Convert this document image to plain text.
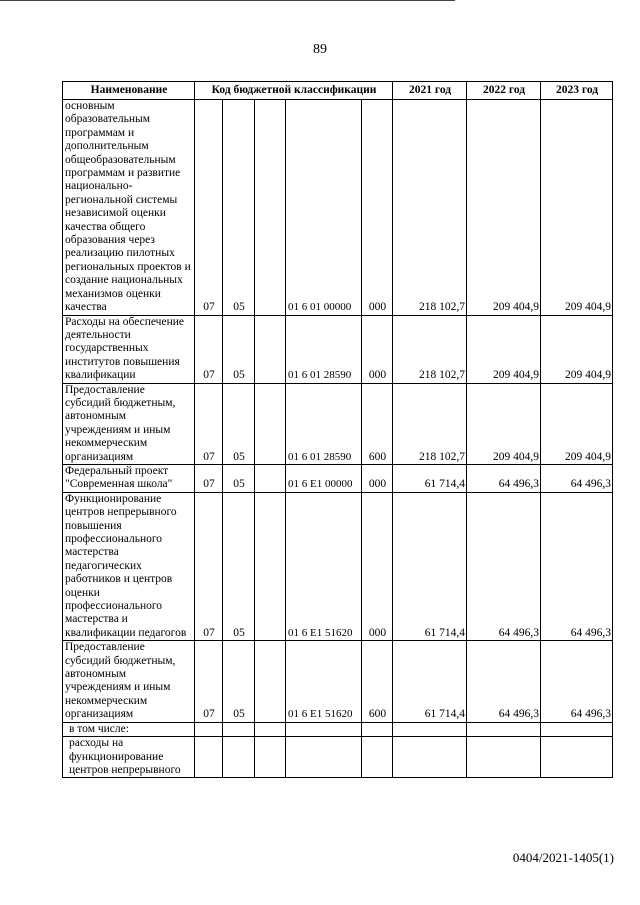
89
Наименование	Код бюджетной классификации					2021 год	2022 год	2023 год
основным образовательным программам и дополнительным общеобразовательным программам и развитие национально-региональной системы независимой оценки качества общего образования через реализацию пилотных региональных проектов и создание национальных механизмов оценки качества	07	05		01 6 01 00000	000	218 102,7	209 404,9	209 404,9
Расходы на обеспечение деятельности государственных институтов повышения квалификации	07	05		01 6 01 28590	000	218 102,7	209 404,9	209 404,9
Предоставление субсидий бюджетным, автономным учреждениям и иным некоммерческим организациям	07	05		01 6 01 28590	600	218 102,7	209 404,9	209 404,9
Федеральный проект "Современная школа"	07	05		01 6 E1 00000	000	61 714,4	64 496,3	64 496,3
Функционирование центров непрерывного повышения профессионального мастерства педагогических работников и центров оценки профессионального мастерства и квалификации педагогов	07	05		01 6 E1 51620	000	61 714,4	64 496,3	64 496,3
Предоставление субсидий бюджетным, автономным учреждениям и иным некоммерческим организациям	07	05		01 6 E1 51620	600	61 714,4	64 496,3	64 496,3
в том числе:								
расходы на функционирование центров непрерывного								
0404/2021-1405(1)
